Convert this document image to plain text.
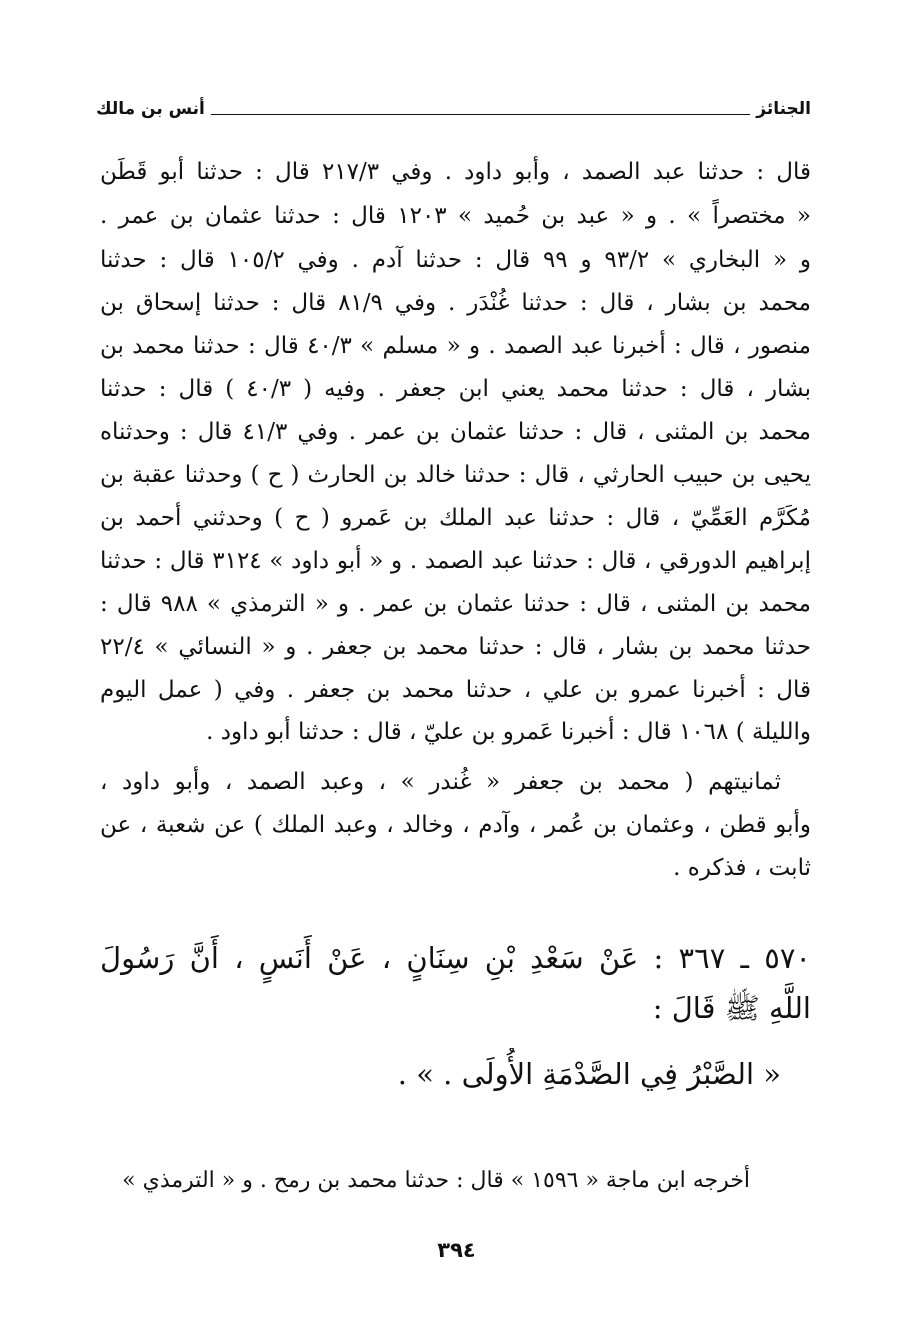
الجنائز
أنس بن مالك
قال : حدثنا عبد الصمد ، وأبو داود . وفي ٢١٧/٣ قال : حدثنا أبو قَطَن
« مختصراً » . و « عبد بن حُميد » ١٢٠٣ قال : حدثنا عثمان بن عمر .
و « البخاري » ٩٣/٢ و ٩٩ قال : حدثنا آدم . وفي ١٠٥/٢ قال : حدثنا
محمد بن بشار ، قال : حدثنا غُنْدَر . وفي ٨١/٩ قال : حدثنا إسحاق بن
منصور ، قال : أخبرنا عبد الصمد . و « مسلم » ٤٠/٣ قال : حدثنا محمد بن
بشار ، قال : حدثنا محمد يعني ابن جعفر . وفيه ( ٤٠/٣ ) قال : حدثنا
محمد بن المثنى ، قال : حدثنا عثمان بن عمر . وفي ٤١/٣ قال : وحدثناه
يحيى بن حبيب الحارثي ، قال : حدثنا خالد بن الحارث ( ح ) وحدثنا عقبة بن
مُكَرَّم العَمِّيّ ، قال : حدثنا عبد الملك بن عَمرو ( ح ) وحدثني أحمد بن
إبراهيم الدورقي ، قال : حدثنا عبد الصمد . و « أبو داود » ٣١٢٤ قال : حدثنا
محمد بن المثنى ، قال : حدثنا عثمان بن عمر . و « الترمذي » ٩٨٨ قال :
حدثنا محمد بن بشار ، قال : حدثنا محمد بن جعفر . و « النسائي » ٢٢/٤
قال : أخبرنا عمرو بن علي ، حدثنا محمد بن جعفر . وفي ( عمل اليوم
والليلة ) ١٠٦٨ قال : أخبرنا عَمرو بن عليّ ، قال : حدثنا أبو داود .
ثمانيتهم ( محمد بن جعفر « غُندر » ، وعبد الصمد ، وأبو داود ،
وأبو قطن ، وعثمان بن عُمر ، وآدم ، وخالد ، وعبد الملك ) عن شعبة ، عن
ثابت ، فذكره .
٥٧٠ ـ ٣٦٧ : عَنْ سَعْدِ بْنِ سِنَانٍ ، عَنْ أَنَسٍ ، أَنَّ رَسُولَ
اللَّهِ ﷺ قَالَ :
« الصَّبْرُ فِي الصَّدْمَةِ الأُولَى . » .
أخرجه ابن ماجة « ١٥٩٦ » قال : حدثنا محمد بن رمح . و « الترمذي »
٣٩٤
